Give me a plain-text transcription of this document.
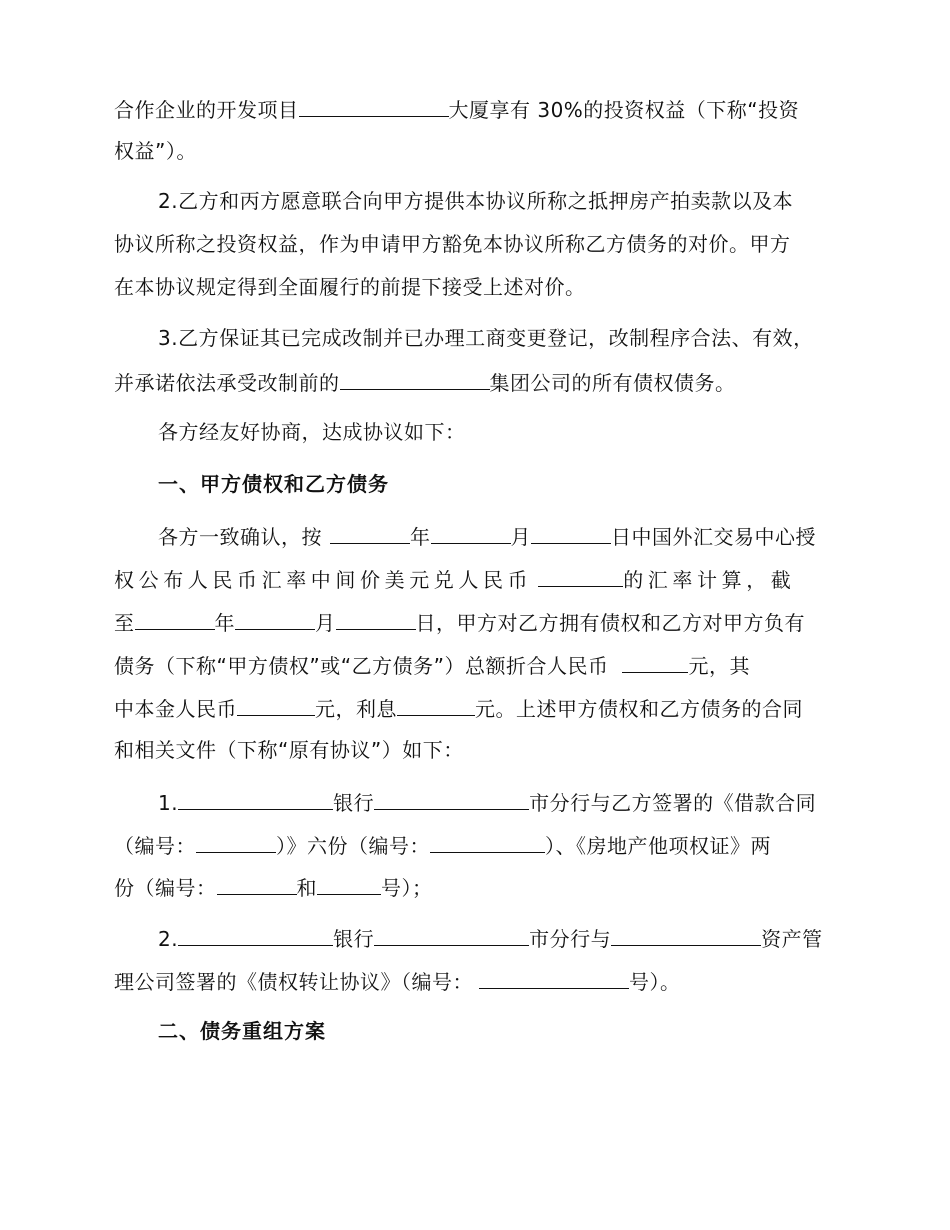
合作企业的开发项目	大厦享有 30%的投资权益（下称“投资
权益”）。
2.乙方和丙方愿意联合向甲方提供本协议所称之抵押房产拍卖款以及本
协议所称之投资权益，作为申请甲方豁免本协议所称乙方债务的对价。甲方
在本协议规定得到全面履行的前提下接受上述对价。
3.乙方保证其已完成改制并已办理工商变更登记，改制程序合法、有效，
并承诺依法承受改制前的	集团公司的所有债权债务。
各方经友好协商，达成协议如下：
一、甲方债权和乙方债务
各方一致确认，按	年	月	日中国外汇交易中心授
权公布人民币汇率中间价美元兑人民币	的汇率计算，截
至	年	月	日，甲方对乙方拥有债权和乙方对甲方负有
债务（下称“甲方债权”或“乙方债务”）总额折合人民币	元，其
中本金人民币	元，利息	元。上述甲方债权和乙方债务的合同
和相关文件（下称“原有协议”）如下：
1.	银行	市分行与乙方签署的《借款合同
（编号：	）》六份（编号：	）、《房地产他项权证》两
份（编号：	和	号）；
2.	银行	市分行与	资产管
理公司签署的《债权转让协议》（编号：	号）。
二、债务重组方案
